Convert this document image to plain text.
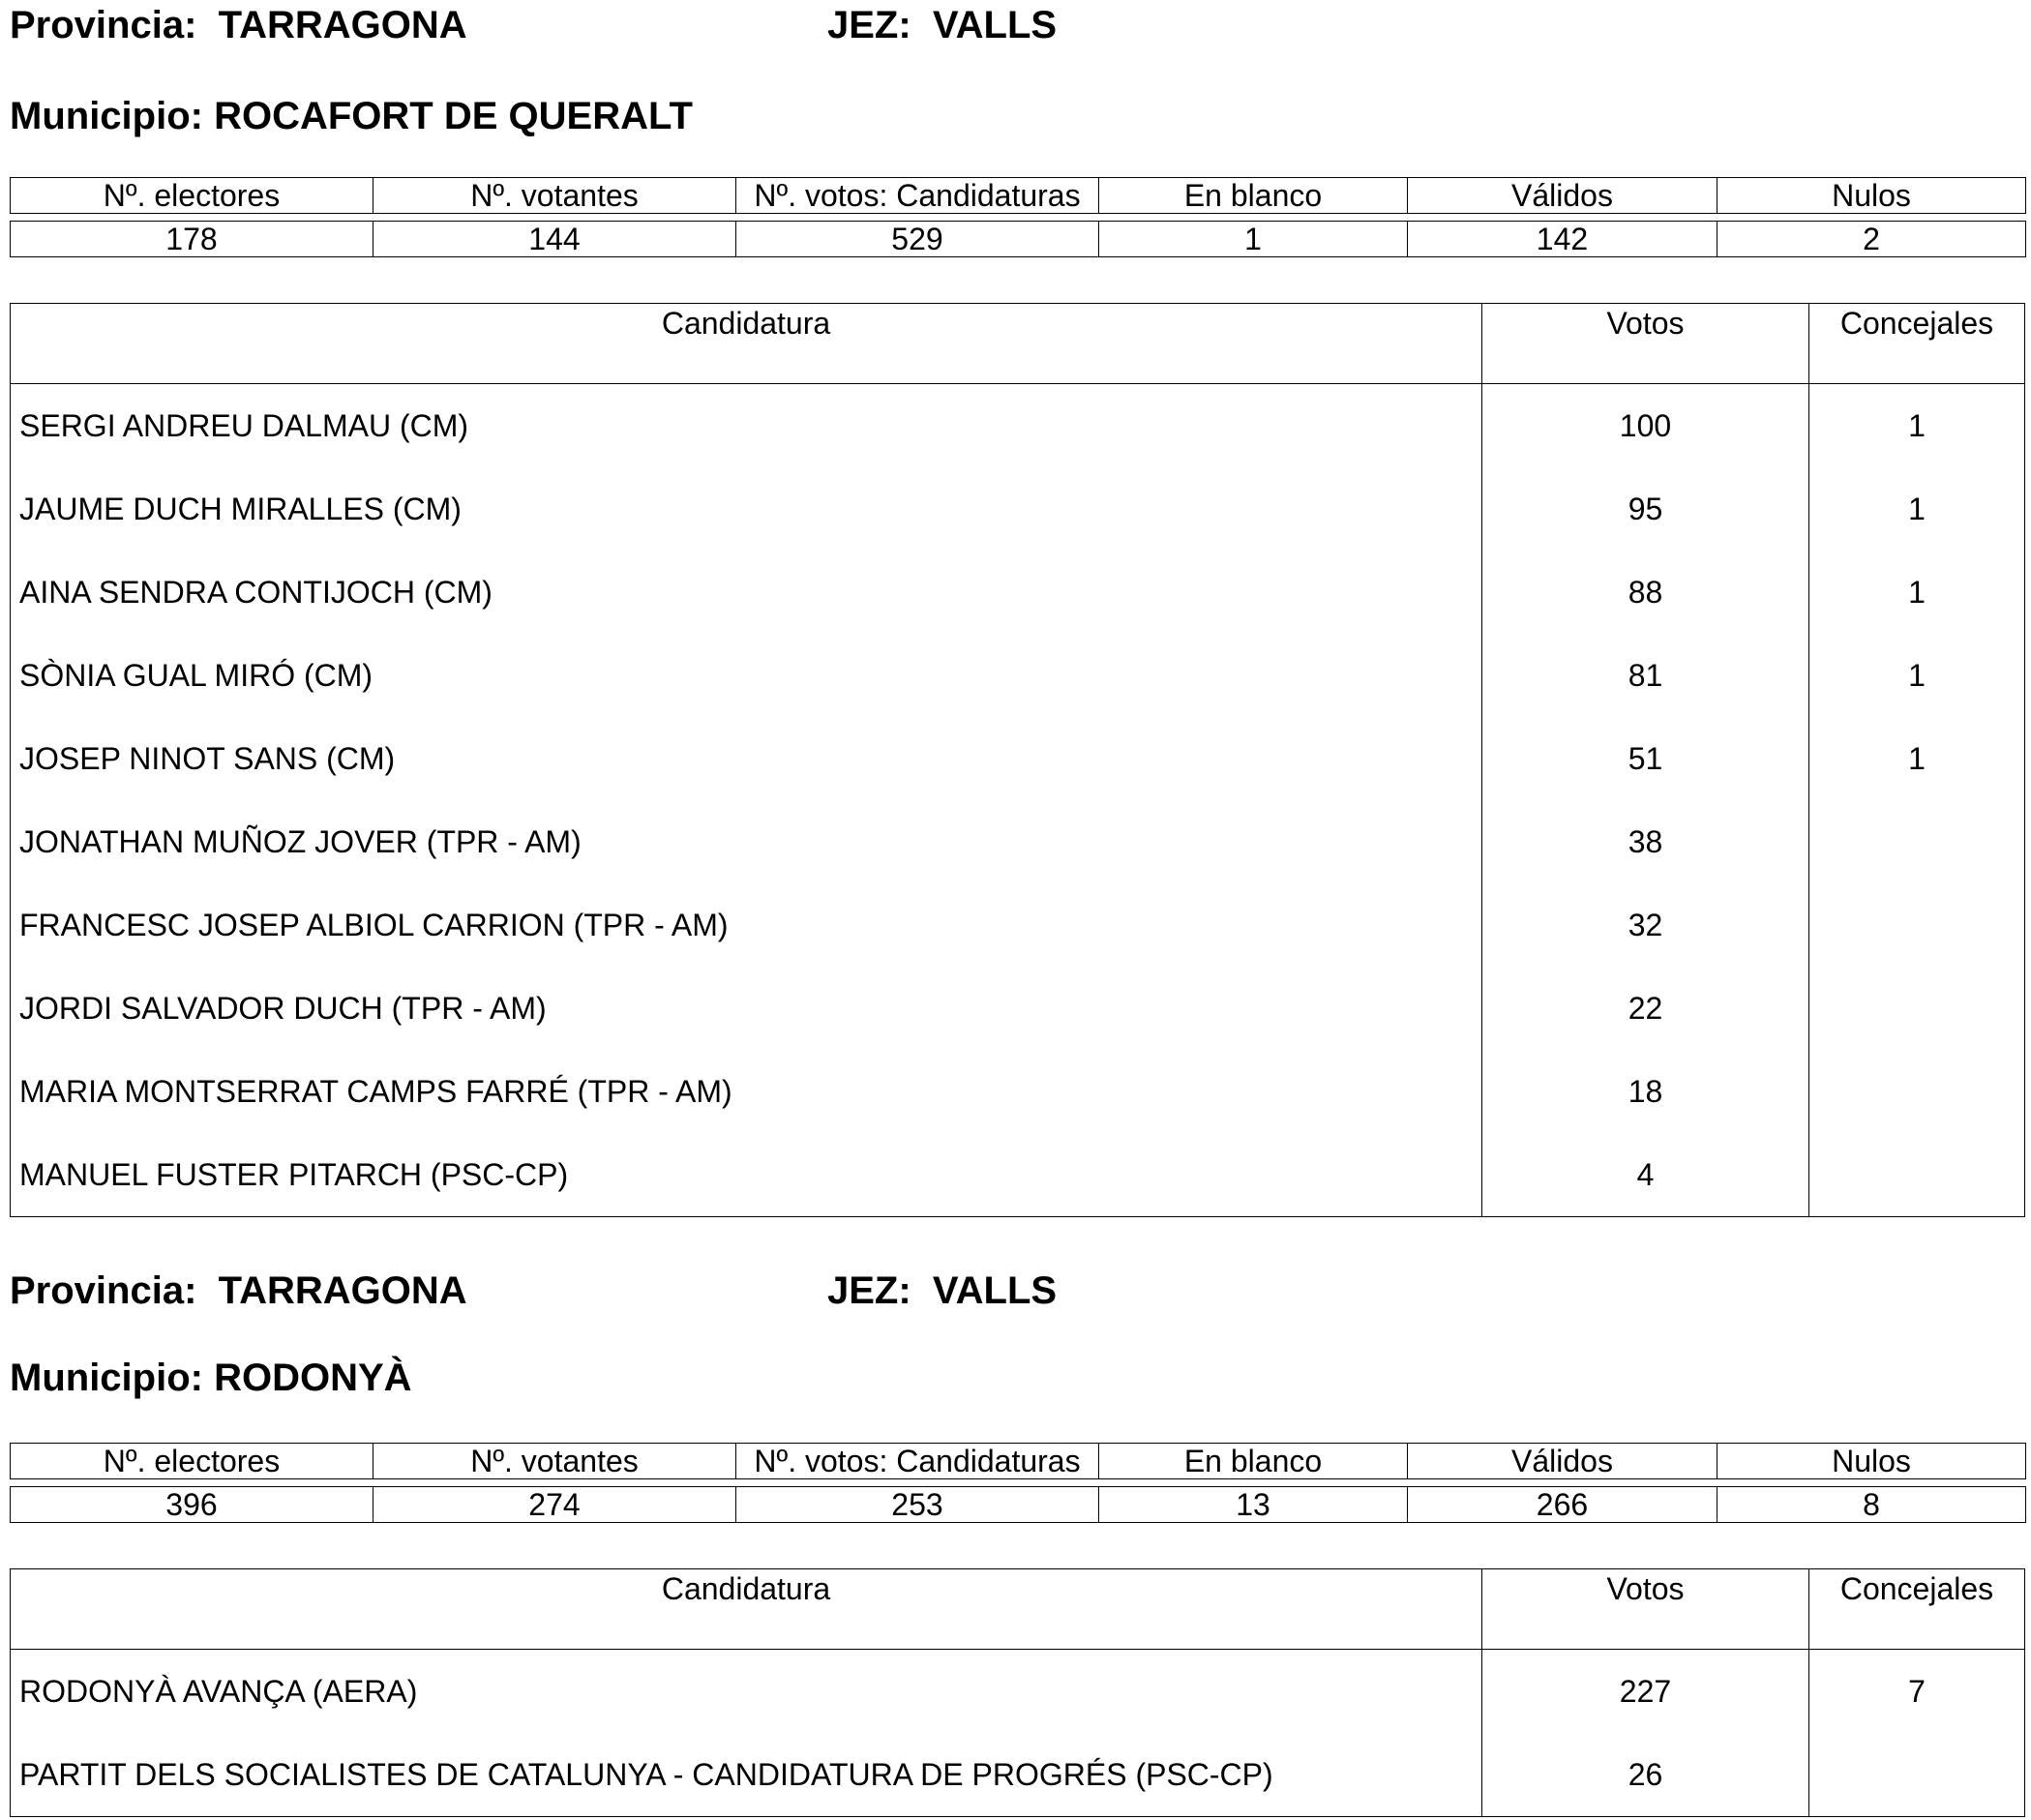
Provincia: TARRAGONA	JEZ: VALLS
Municipio: ROCAFORT DE QUERALT
Nº. electores	Nº. votantes	Nº. votos: Candidaturas	En blanco	Válidos	Nulos

178	144	529	1	142	2
Candidatura	Votos	Concejales
SERGI ANDREU DALMAU (CM)	100	1
JAUME DUCH MIRALLES (CM)	95	1
AINA SENDRA CONTIJOCH (CM)	88	1
SÒNIA GUAL MIRÓ (CM)	81	1
JOSEP NINOT SANS (CM)	51	1
JONATHAN MUÑOZ JOVER (TPR - AM)	38
FRANCESC JOSEP ALBIOL CARRION (TPR - AM)	32
JORDI SALVADOR DUCH (TPR - AM)	22
MARIA MONTSERRAT CAMPS FARRÉ (TPR - AM)	18
MANUEL FUSTER PITARCH (PSC-CP)	4
Provincia: TARRAGONA	JEZ: VALLS
Municipio: RODONYÀ
Nº. electores	Nº. votantes	Nº. votos: Candidaturas	En blanco	Válidos	Nulos

396	274	253	13	266	8
Candidatura	Votos	Concejales
RODONYÀ AVANÇA (AERA)	227	7
PARTIT DELS SOCIALISTES DE CATALUNYA - CANDIDATURA DE PROGRÉS (PSC-CP)	26
